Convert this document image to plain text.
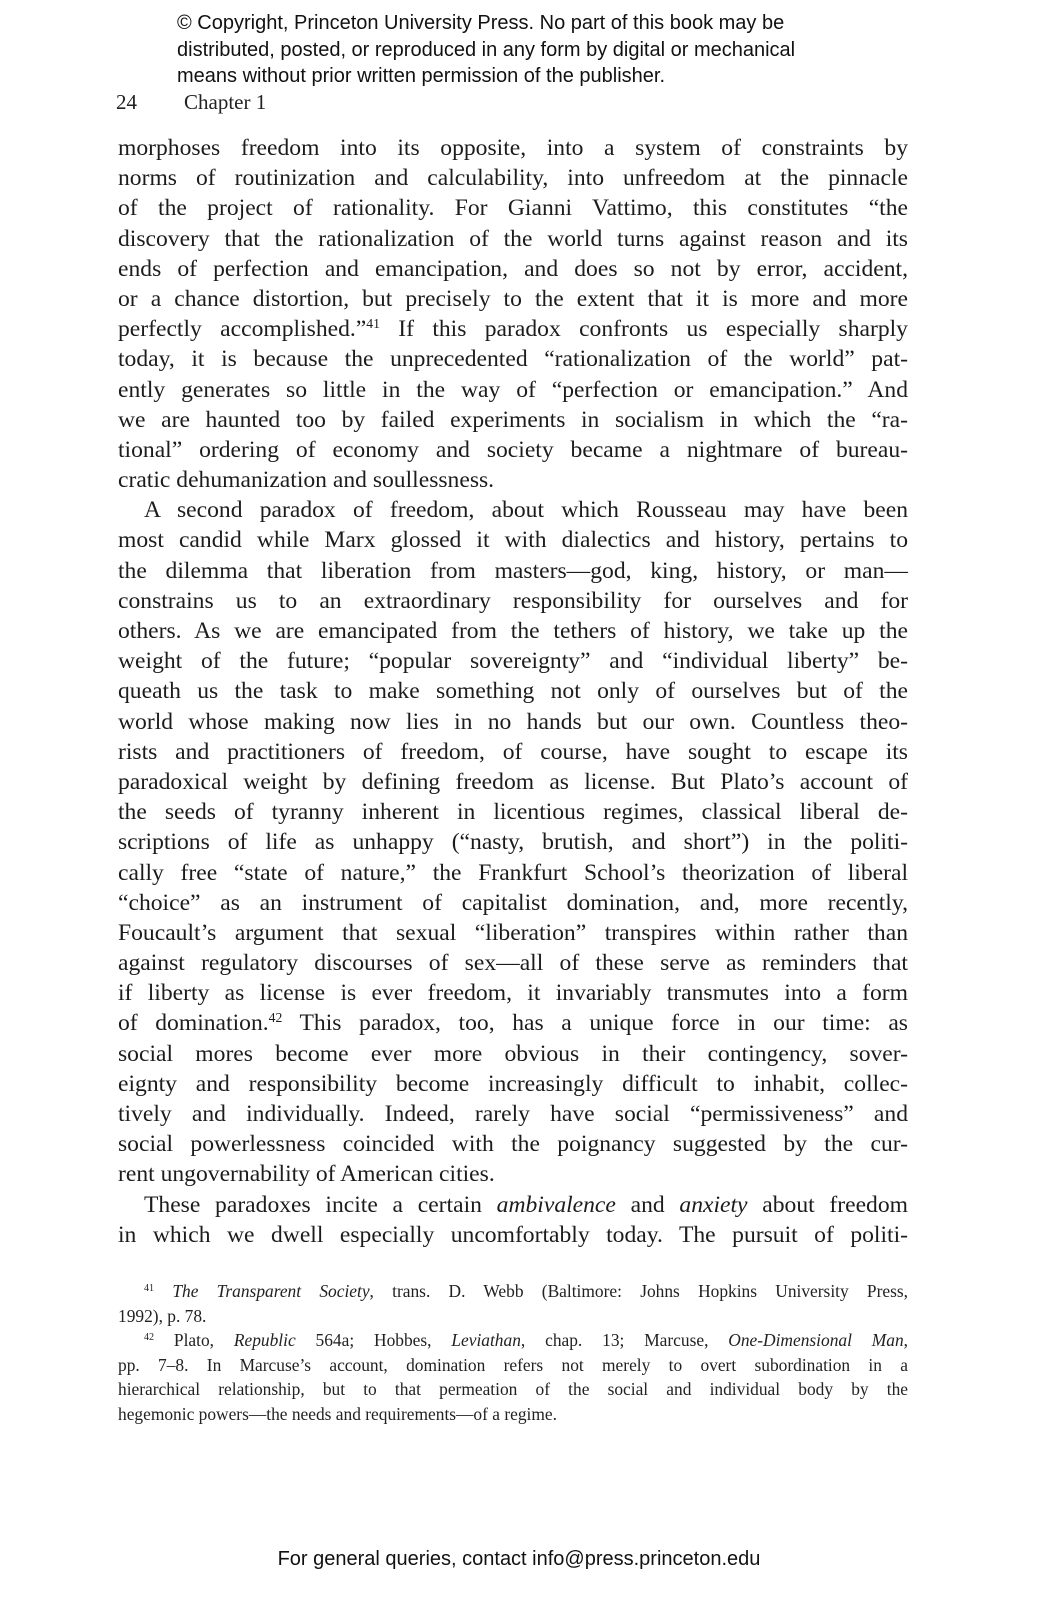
© Copyright, Princeton University Press. No part of this book may be
distributed, posted, or reproduced in any form by digital or mechanical
means without prior written permission of the publisher.
24 Chapter 1
morphoses freedom into its opposite, into a system of constraints by
norms of routinization and calculability, into unfreedom at the pinnacle
of the project of rationality. For Gianni Vattimo, this constitutes “the
discovery that the rationalization of the world turns against reason and its
ends of perfection and emancipation, and does so not by error, accident,
or a chance distortion, but precisely to the extent that it is more and more
perfectly accomplished.”$^{41}$ If this paradox confronts us especially sharply
today, it is because the unprecedented “rationalization of the world” pat-
ently generates so little in the way of “perfection or emancipation.” And
we are haunted too by failed experiments in socialism in which the “ra-
tional” ordering of economy and society became a nightmare of bureau-
cratic dehumanization and soullessness.
A second paradox of freedom, about which Rousseau may have been
most candid while Marx glossed it with dialectics and history, pertains to
the dilemma that liberation from masters—god, king, history, or man—
constrains us to an extraordinary responsibility for ourselves and for
others. As we are emancipated from the tethers of history, we take up the
weight of the future; “popular sovereignty” and “individual liberty” be-
queath us the task to make something not only of ourselves but of the
world whose making now lies in no hands but our own. Countless theo-
rists and practitioners of freedom, of course, have sought to escape its
paradoxical weight by defining freedom as license. But Plato’s account of
the seeds of tyranny inherent in licentious regimes, classical liberal de-
scriptions of life as unhappy (“nasty, brutish, and short”) in the politi-
cally free “state of nature,” the Frankfurt School’s theorization of liberal
“choice” as an instrument of capitalist domination, and, more recently,
Foucault’s argument that sexual “liberation” transpires within rather than
against regulatory discourses of sex—all of these serve as reminders that
if liberty as license is ever freedom, it invariably transmutes into a form
of domination.$^{42}$ This paradox, too, has a unique force in our time: as
social mores become ever more obvious in their contingency, sover-
eignty and responsibility become increasingly difficult to inhabit, collec-
tively and individually. Indeed, rarely have social “permissiveness” and
social powerlessness coincided with the poignancy suggested by the cur-
rent ungovernability of American cities.
These paradoxes incite a certain ambivalence and anxiety about freedom
in which we dwell especially uncomfortably today. The pursuit of politi-
$^{41}$ The Transparent Society, trans. D. Webb (Baltimore: Johns Hopkins University Press,
1992), p. 78.
$^{42}$ Plato, Republic 564a; Hobbes, Leviathan, chap. 13; Marcuse, One-Dimensional Man,
pp. 7–8. In Marcuse’s account, domination refers not merely to overt subordination in a
hierarchical relationship, but to that permeation of the social and individual body by the
hegemonic powers—the needs and requirements—of a regime.
For general queries, contact info@press.princeton.edu
